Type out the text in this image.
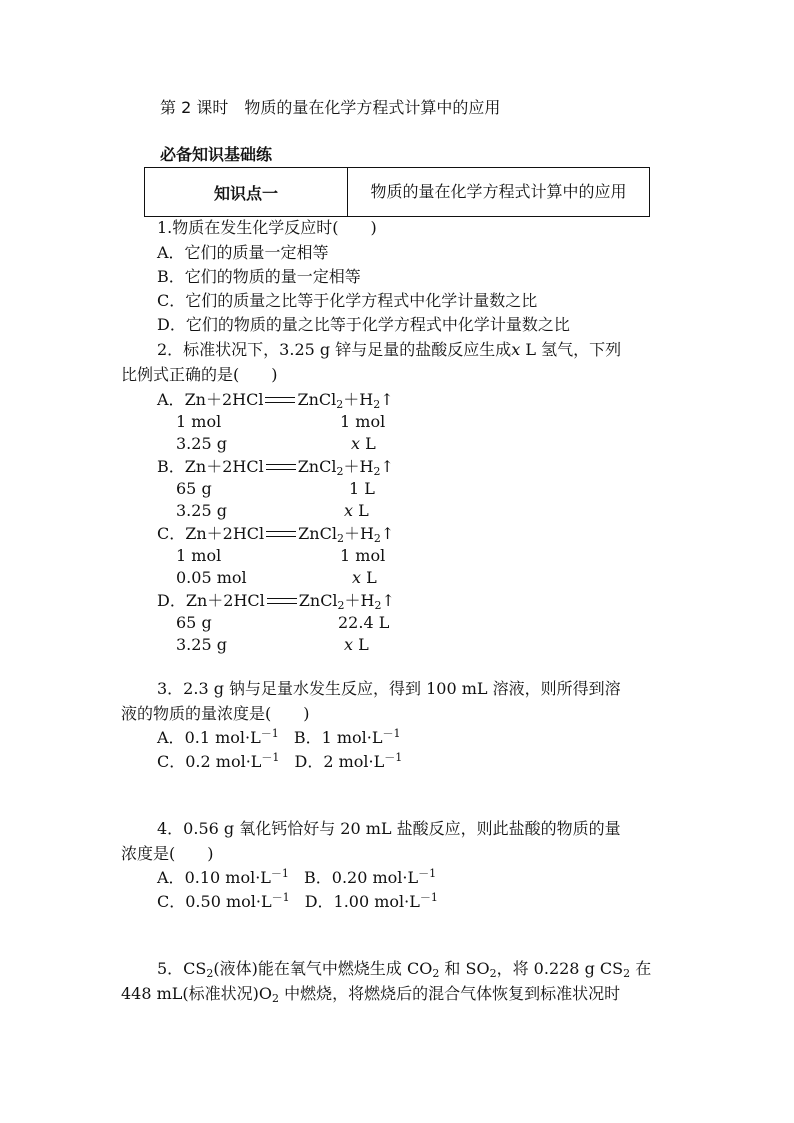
第 2 课时　物质的量在化学方程式计算中的应用
必备知识基础练
知识点一	物质的量在化学方程式计算中的应用
1.物质在发生化学反应时(　　)
A．它们的质量一定相等
B．它们的物质的量一定相等
C．它们的质量之比等于化学方程式中化学计量数之比
D．它们的物质的量之比等于化学方程式中化学计量数之比
2．标准状况下，3.25 g 锌与足量的盐酸反应生成x L 氢气，下列
比例式正确的是(　　)
A．Zn＋2HCl $ZnCl_2+H_2↑$
1 mol	1 mol
3.25 g	x L
B．Zn＋2HCl $ZnCl_2+H_2↑$
65 g	1 L
3.25 g	x L
C．Zn＋2HCl $ZnCl_2+H_2↑$
1 mol	1 mol
0.05 mol	x L
D．Zn＋2HCl $ZnCl_2+H_2↑$
65 g	22.4 L
3.25 g	x L
3．2.3 g 钠与足量水发生反应，得到 100 mL 溶液，则所得到溶
液的物质的量浓度是(　　)
A．0.1 $mol\cdot L^{-1}$ B．1 $mol\cdot L^{-1}$
C．0.2 $mol\cdot L^{-1}$ D．2 $mol\cdot L^{-1}$
4．0.56 g 氧化钙恰好与 20 mL 盐酸反应，则此盐酸的物质的量
浓度是(　　)
A．0.10 $mol\cdot L^{-1}$ B．0.20 $mol\cdot L^{-1}$
C．0.50 $mol\cdot L^{-1}$ D．1.00 $mol\cdot L^{-1}$
5．$CS_2$(液体)能在氧气中燃烧生成 $CO_2$ 和 $SO_2$，将 0.228 g $CS_2$ 在
448 mL(标准状况)$O_2$ 中燃烧，将燃烧后的混合气体恢复到标准状况时
